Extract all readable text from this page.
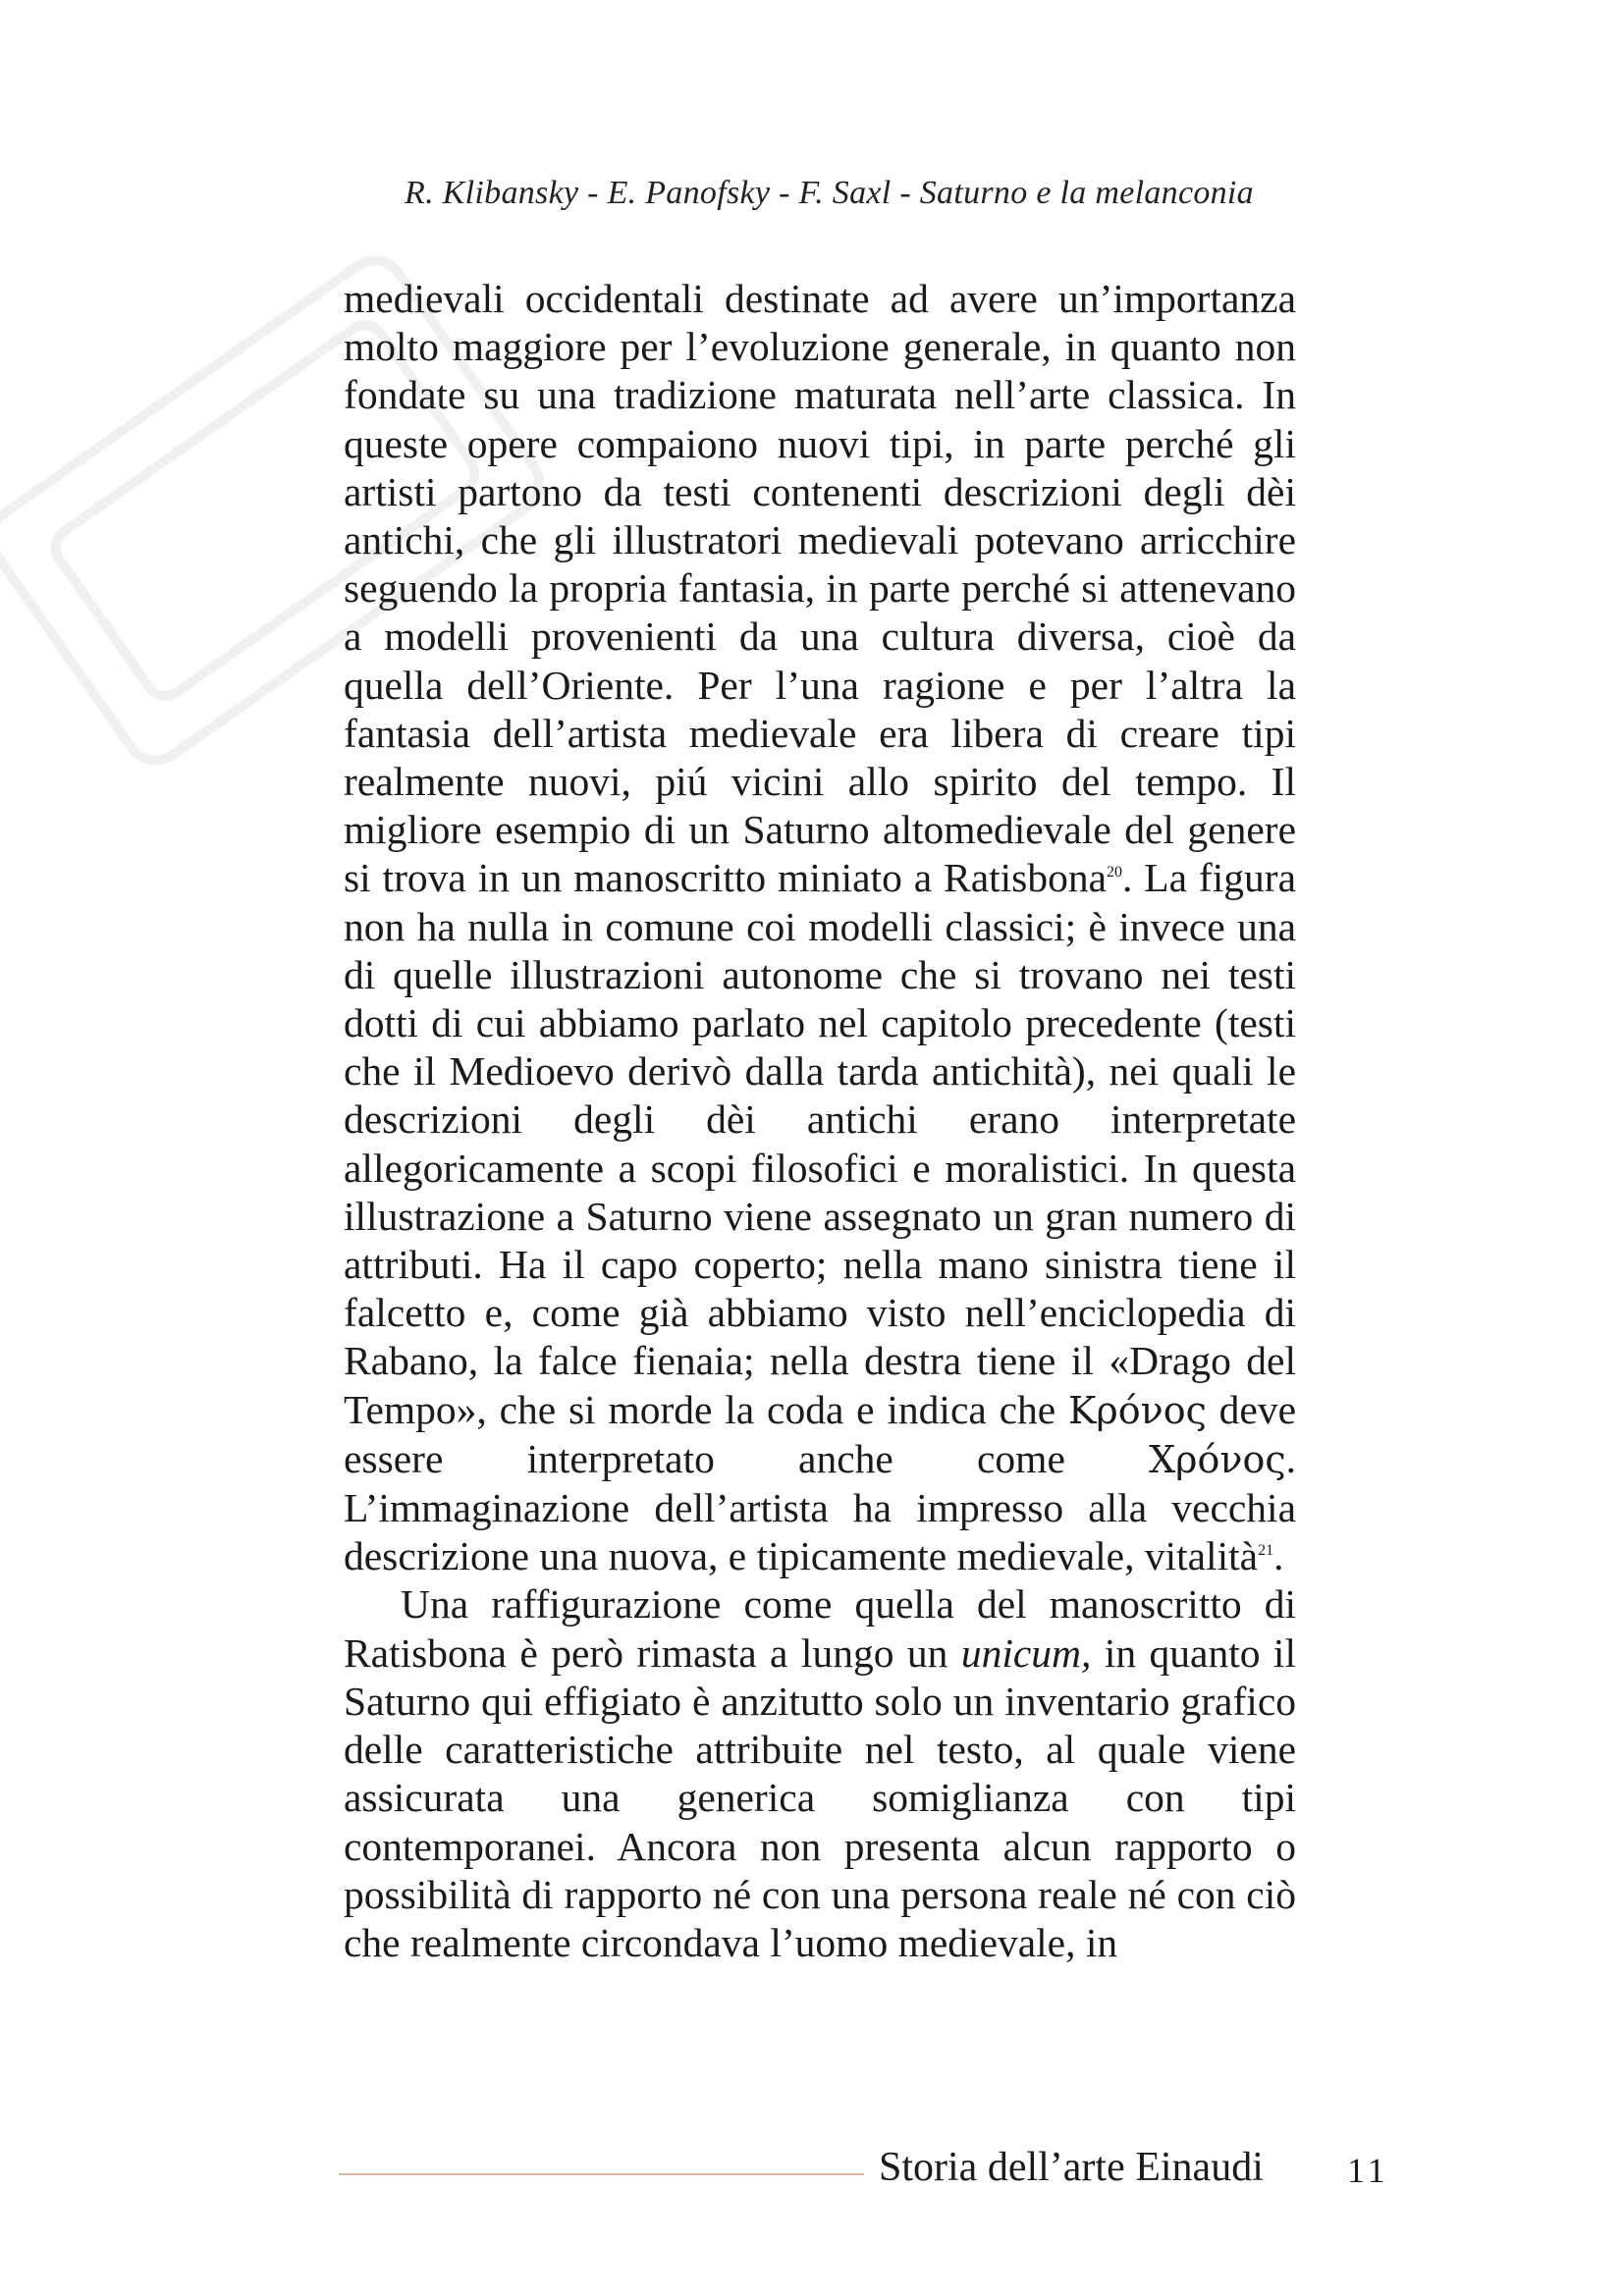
R. Klibansky - E. Panofsky - F. Saxl - Saturno e la melanconia

medievali occidentali destinate ad avere un’importanza molto maggiore per l’evoluzione generale, in quanto non fondate su una tradizione maturata nell’arte classica. In queste opere compaiono nuovi tipi, in parte perché gli artisti partono da testi contenenti descrizioni degli dèi antichi, che gli illustratori medievali potevano arricchire seguendo la propria fantasia, in parte perché si attenevano a modelli provenienti da una cultura diversa, cioè da quella dell’Oriente. Per l’una ragione e per l’altra la fantasia dell’artista medievale era libera di creare tipi realmente nuovi, piú vicini allo spirito del tempo. Il migliore esempio di un Saturno altomedievale del genere si trova in un manoscritto miniato a Ratisbona$^{20}$. La figura non ha nulla in comune coi modelli classici; è invece una di quelle illustrazioni autonome che si trovano nei testi dotti di cui abbiamo parlato nel capitolo precedente (testi che il Medioevo derivò dalla tarda antichità), nei quali le descrizioni degli dèi antichi erano interpretate allegoricamente a scopi filosofici e moralistici. In questa illustrazione a Saturno viene assegnato un gran numero di attributi. Ha il capo coperto; nella mano sinistra tiene il falcetto e, come già abbiamo visto nell’enciclopedia di Rabano, la falce fienaia; nella destra tiene il «Drago del Tempo», che si morde la coda e indica che Κρόνος deve essere interpretato anche come Χρόνος. L’immaginazione dell’artista ha impresso alla vecchia descrizione una nuova, e tipicamente medievale, vitalità$^{21}$.

Una raffigurazione come quella del manoscritto di Ratisbona è però rimasta a lungo un unicum, in quanto il Saturno qui effigiato è anzitutto solo un inventario grafico delle caratteristiche attribuite nel testo, al quale viene assicurata una generica somiglianza con tipi contemporanei. Ancora non presenta alcun rapporto o possibilità di rapporto né con una persona reale né con ciò che realmente circondava l’uomo medievale, in

Storia dell’arte Einaudi 11
